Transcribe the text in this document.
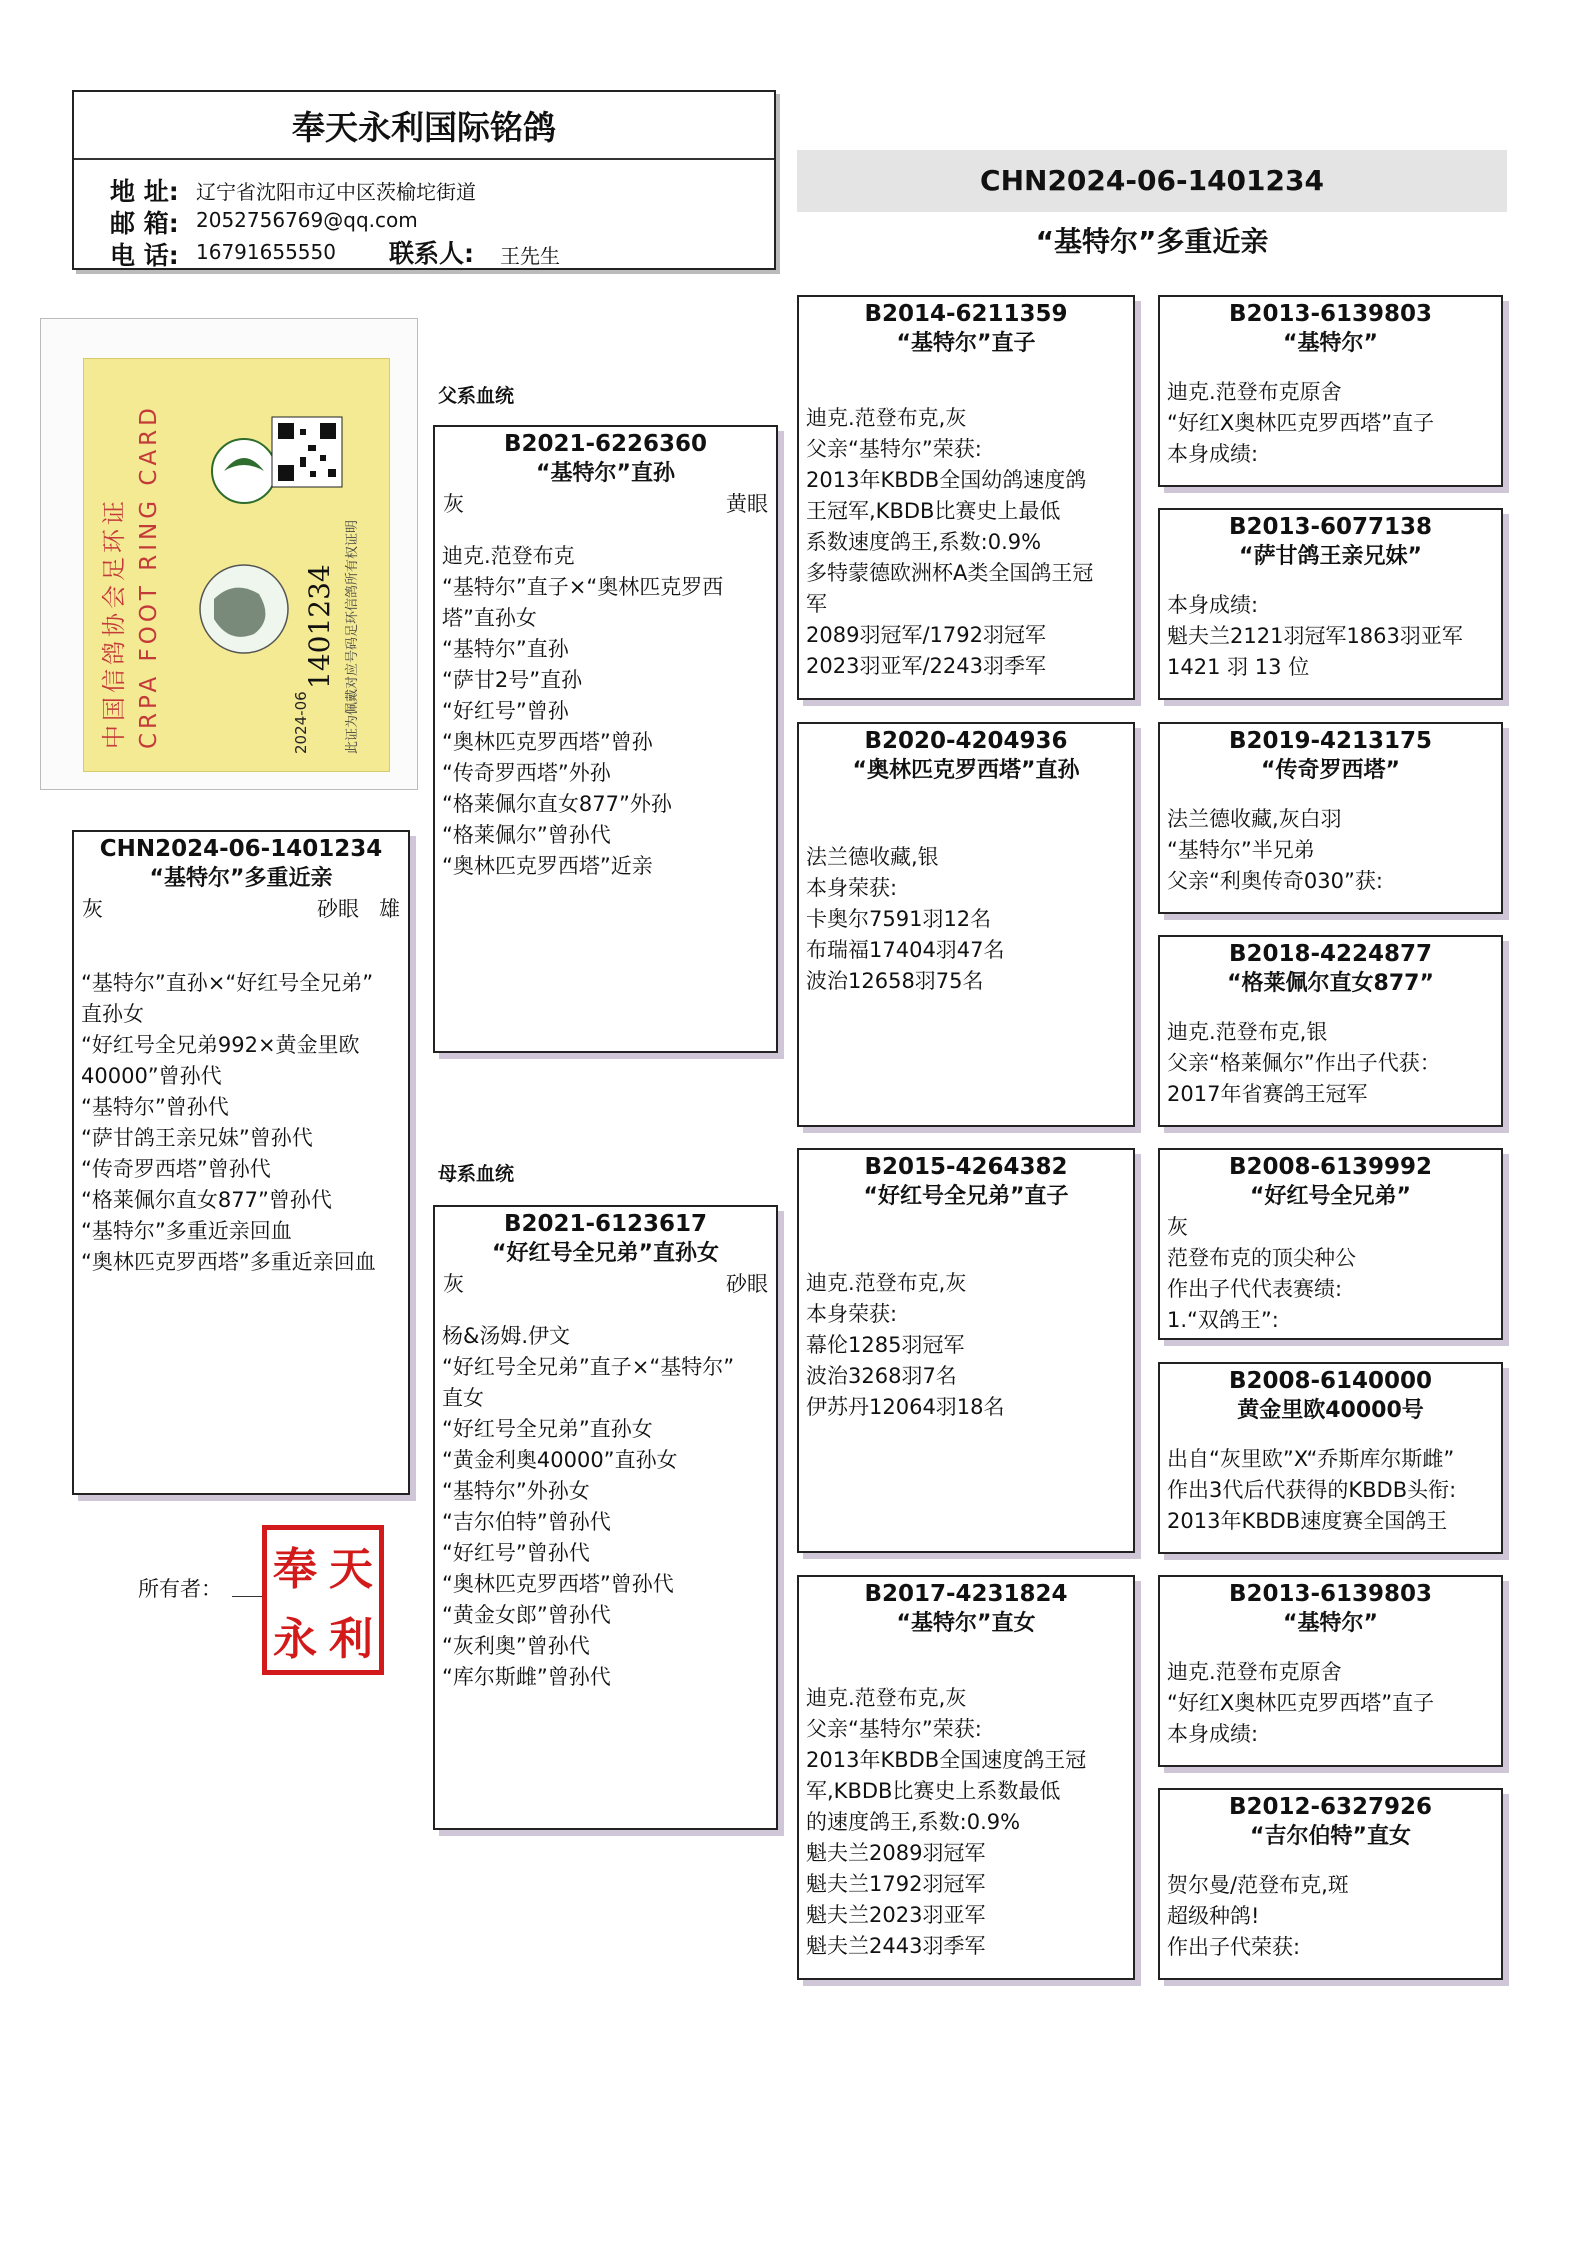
奉天永利国际铭鸽
地 址: 辽宁省沈阳市辽中区茨榆坨街道
邮 箱: 2052756769@qq.com
电 话: 16791655550 联系人: 王先生
CHN2024-06-1401234
“基特尔”多重近亲
中国信鸽协会足环证 CRPA FOOT RING CARD	2024-06
1401234 此证为佩戴对应号码足环信鸽所有权证明
父系血统
母系血统
CHN2024-06-1401234
“基特尔”多重近亲
灰	砂眼 雄
“基特尔”直孙×“好红号全兄弟”
直孙女
“好红号全兄弟992×黄金里欧
40000”曾孙代
“基特尔”曾孙代
“萨甘鸽王亲兄妹”曾孙代
“传奇罗西塔”曾孙代
“格莱佩尔直女877”曾孙代
“基特尔”多重近亲回血
“奥林匹克罗西塔”多重近亲回血
所有者： 奉 天
永 利
B2021-6226360
“基特尔”直孙
灰	黄眼
迪克.范登布克
“基特尔”直子×“奥林匹克罗西
塔”直孙女
“基特尔”直孙
“萨甘2号”直孙
“好红号”曾孙
“奥林匹克罗西塔”曾孙
“传奇罗西塔”外孙
“格莱佩尔直女877”外孙
“格莱佩尔”曾孙代
“奥林匹克罗西塔”近亲
B2021-6123617
“好红号全兄弟”直孙女
灰	砂眼
杨&汤姆.伊文
“好红号全兄弟”直子×“基特尔”
直女
“好红号全兄弟”直孙女
“黄金利奥40000”直孙女
“基特尔”外孙女
“吉尔伯特”曾孙代
“好红号”曾孙代
“奥林匹克罗西塔”曾孙代
“黄金女郎”曾孙代
“灰利奥”曾孙代
“库尔斯雌”曾孙代
B2014-6211359
“基特尔”直子
迪克.范登布克,灰
父亲“基特尔”荣获:
2013年KBDB全国幼鸽速度鸽
王冠军,KBDB比赛史上最低
系数速度鸽王,系数:0.9%
多特蒙德欧洲杯A类全国鸽王冠
军
2089羽冠军/1792羽冠军
2023羽亚军/2243羽季军
B2020-4204936
“奥林匹克罗西塔”直孙
法兰德收藏,银
本身荣获:
卡奥尔7591羽12名
布瑞福17404羽47名
波治12658羽75名
B2015-4264382
“好红号全兄弟”直子
迪克.范登布克,灰
本身荣获:
幕伦1285羽冠军
波治3268羽7名
伊苏丹12064羽18名
B2017-4231824
“基特尔”直女
迪克.范登布克,灰
父亲“基特尔”荣获:
2013年KBDB全国速度鸽王冠
军,KBDB比赛史上系数最低
的速度鸽王,系数:0.9%
魁夫兰2089羽冠军
魁夫兰1792羽冠军
魁夫兰2023羽亚军
魁夫兰2443羽季军
B2013-6139803
“基特尔”
迪克.范登布克原舍
“好红X奥林匹克罗西塔”直子
本身成绩:
B2013-6077138
“萨甘鸽王亲兄妹”
本身成绩:
魁夫兰2121羽冠军1863羽亚军
1421 羽 13 位
B2019-4213175
“传奇罗西塔”
法兰德收藏,灰白羽
“基特尔”半兄弟
父亲“利奥传奇030”获:
B2018-4224877
“格莱佩尔直女877”
迪克.范登布克,银
父亲“格莱佩尔”作出子代获：
2017年省赛鸽王冠军
B2008-6139992
“好红号全兄弟”
灰
范登布克的顶尖种公
作出子代代表赛绩:
1.“双鸽王”:
B2008-6140000
黄金里欧40000号
出自“灰里欧”X“乔斯库尔斯雌”
作出3代后代获得的KBDB头衔:
2013年KBDB速度赛全国鸽王
B2013-6139803
“基特尔”
迪克.范登布克原舍
“好红X奥林匹克罗西塔”直子
本身成绩:
B2012-6327926
“吉尔伯特”直女
贺尔曼/范登布克,斑
超级种鸽!
作出子代荣获:
